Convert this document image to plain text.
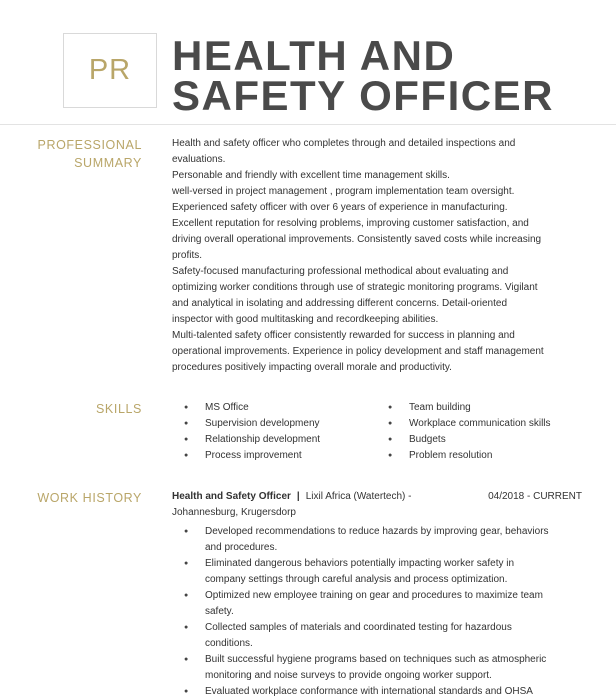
PR HEALTH AND
SAFETY OFFICER
PROFESSIONAL
SUMMARY
Health and safety officer who completes through and detailed inspections and
evaluations.
Personable and friendly with excellent time management skills.
well-versed in project management , program implementation team oversight.
Experienced safety officer with over 6 years of experience in manufacturing.
Excellent reputation for resolving problems, improving customer satisfaction, and
driving overall operational improvements. Consistently saved costs while increasing
profits.
Safety-focused manufacturing professional methodical about evaluating and
optimizing worker conditions through use of strategic monitoring programs. Vigilant
and analytical in isolating and addressing different concerns. Detail-oriented
inspector with good multitasking and recordkeeping abilities.
Multi-talented safety officer consistently rewarded for success in planning and
operational improvements. Experience in policy development and staff management
procedures positively impacting overall morale and productivity.
SKILLS
●	MS Office
● Supervision developmeny
● Relationship development
● Process improvement
● Team building
● Workplace communication skills
● Budgets
● Problem resolution
WORK HISTORY	Health and Safety Officer | Lixil Africa (Watertech) -
Johannesburg, Krugersdorp
04/2018 - CURRENT
● Developed recommendations to reduce hazards by improving gear, behaviors
and procedures.
● Eliminated dangerous behaviors potentially impacting worker safety in
company settings through careful analysis and process optimization.
● Optimized new employee training on gear and procedures to maximize team
safety.
● Collected samples of materials and coordinated testing for hazardous
conditions.
● Built successful hygiene programs based on techniques such as atmospheric
monitoring and noise surveys to provide ongoing worker support.
● Evaluated workplace conformance with international standards and OHSA
